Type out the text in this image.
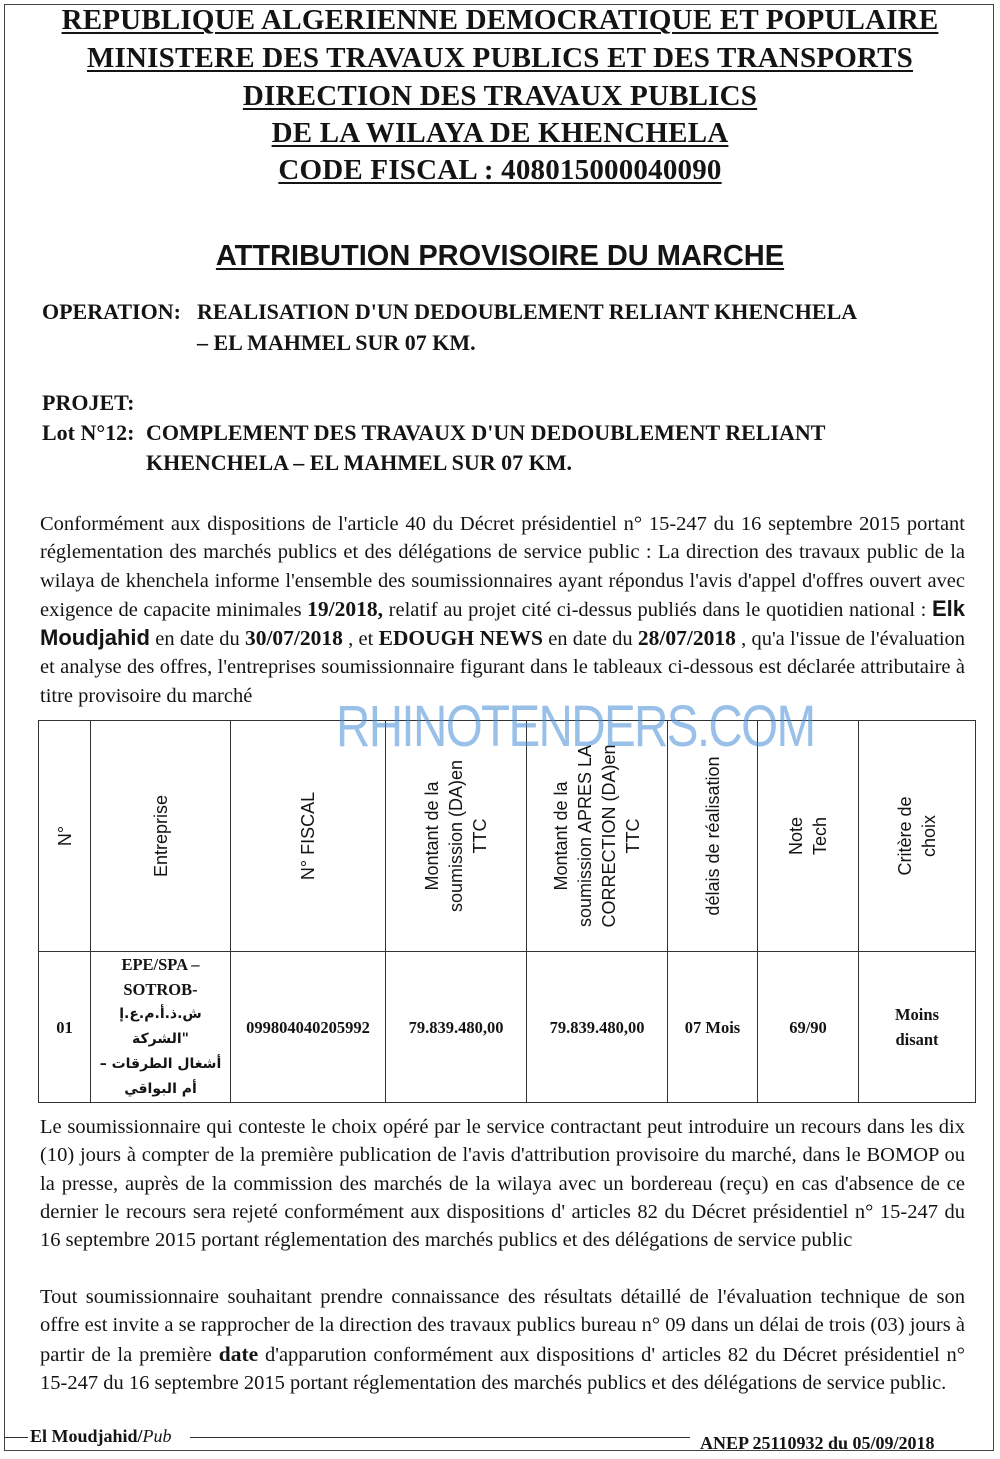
REPUBLIQUE ALGERIENNE DEMOCRATIQUE ET POPULAIRE
MINISTERE DES TRAVAUX PUBLICS ET DES TRANSPORTS
DIRECTION DES TRAVAUX PUBLICS
DE LA WILAYA DE KHENCHELA
CODE FISCAL : 408015000040090
ATTRIBUTION PROVISOIRE DU MARCHE
OPERATION: REALISATION D'UN DEDOUBLEMENT RELIANT KHENCHELA
– EL MAHMEL SUR 07 KM.
PROJET:
Lot N°12: COMPLEMENT DES TRAVAUX D'UN DEDOUBLEMENT RELIANT
KHENCHELA – EL MAHMEL SUR 07 KM.
Conformément aux dispositions de l'article 40 du Décret présidentiel n° 15-247 du 16 septembre 2015 portant réglementation des marchés publics et des délégations de service public : La direction des travaux public de la wilaya de khenchela informe l'ensemble des soumissionnaires ayant répondus l'avis d'appel d'offres ouvert avec exigence de capacite minimales 19/2018, relatif au projet cité ci-dessus publiés dans le quotidien national : Elk Moudjahid en date du 30/07/2018 , et EDOUGH NEWS en date du 28/07/2018 , qu'a l'issue de l'évaluation et analyse des offres, l'entreprises soumissionnaire figurant dans le tableaux ci-dessous est déclarée attributaire à titre provisoire du marché	RHINOTENDERS.COM
N°	Entreprise	N° FISCAL	Montant de la
soumission (DA)en
TTC	Montant de la
soumission APRES LA
CORRECTION (DA)en
TTC	délais de réalisation	Note
Tech	Critère de
choix

01	EPE/SPA –
SOTROB-
ش.ذ.أ.م.ع.إ "الشركة
أشغال الطرقات –
أم البواقي	099804040205992	79.839.480,00	79.839.480,00	07 Mois	69/90	Moins
disant
Le soumissionnaire qui conteste le choix opéré par le service contractant peut introduire un recours dans les dix (10) jours à compter de la première publication de l'avis d'attribution provisoire du marché, dans le BOMOP ou la presse, auprès de la commission des marchés de la wilaya avec un bordereau (reçu) en cas d'absence de ce dernier le recours sera rejeté conformément aux dispositions d' articles 82 du Décret présidentiel n° 15-247 du 16 septembre 2015 portant réglementation des marchés publics et des délégations de service public
Tout soumissionnaire souhaitant prendre connaissance des résultats détaillé de l'évaluation technique de son offre est invite a se rapprocher de la direction des travaux publics bureau n° 09 dans un délai de trois (03) jours à partir de la première date d'apparution conformément aux dispositions d' articles 82 du Décret présidentiel n° 15-247 du 16 septembre 2015 portant réglementation des marchés publics et des délégations de service public.
El Moudjahid/Pub	ANEP 25110932 du 05/09/2018
